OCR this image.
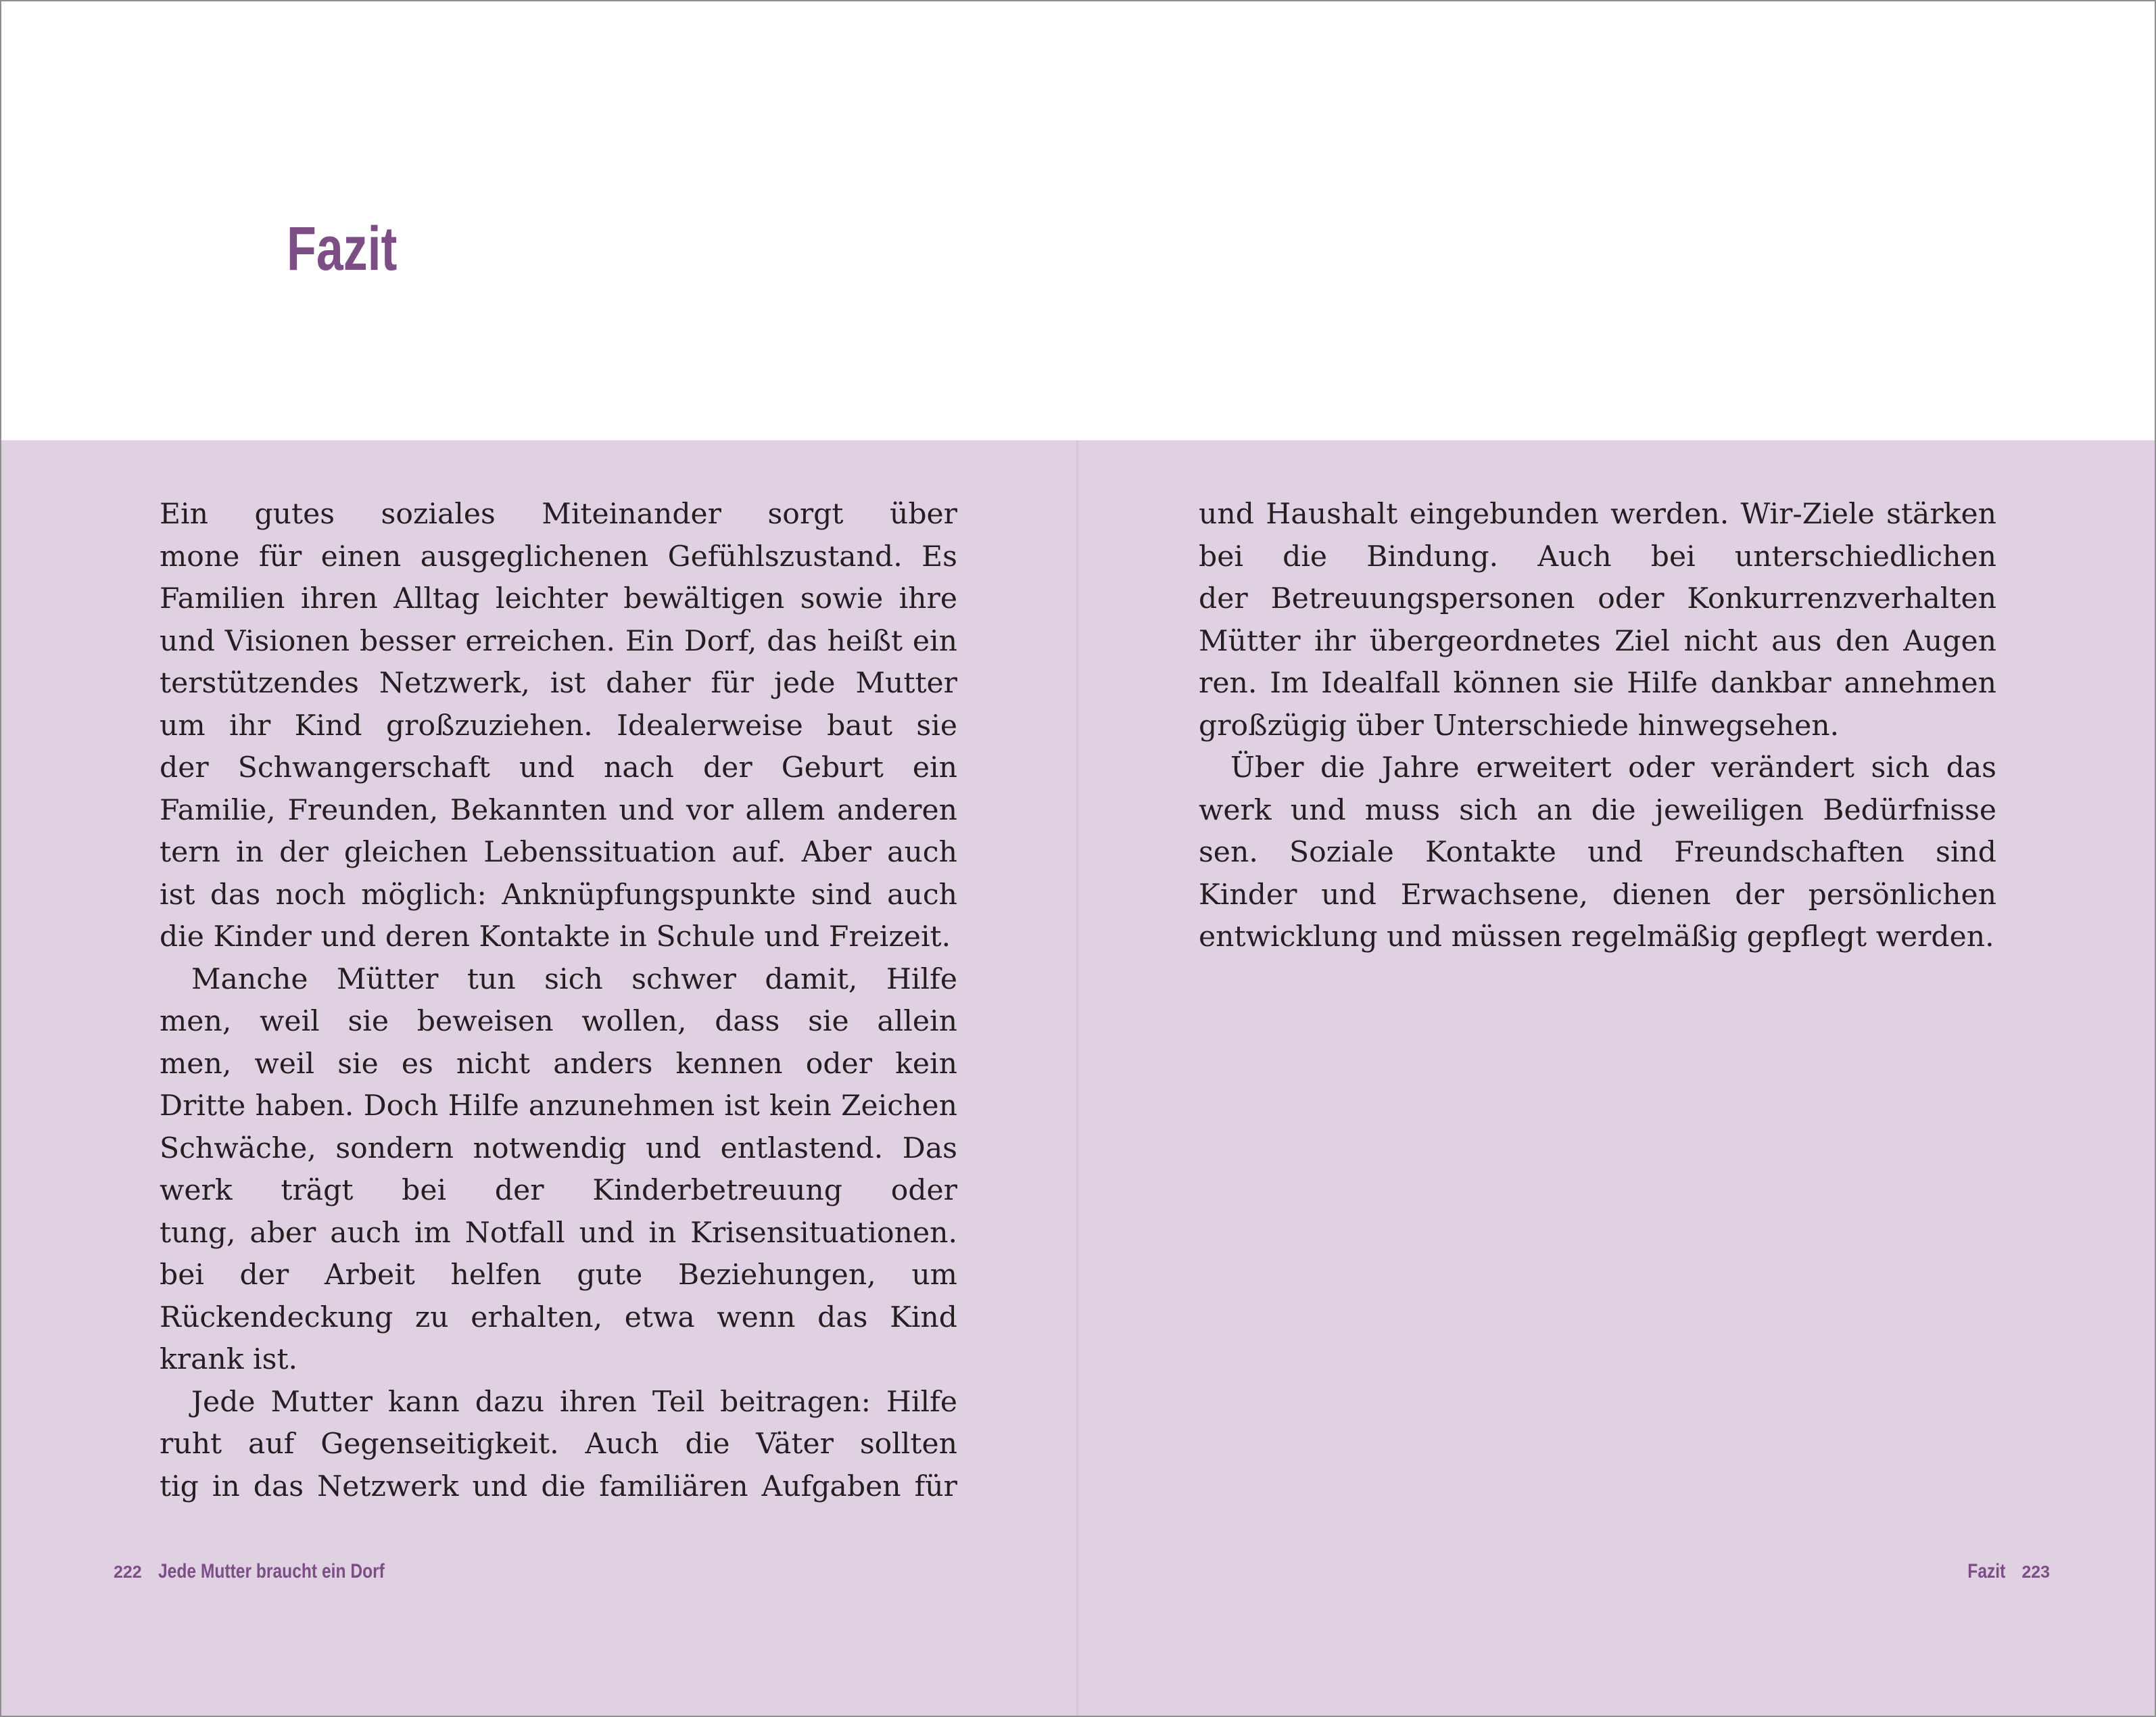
Fazit
Ein gutes soziales Miteinander sorgt über
mone für einen ausgeglichenen Gefühlszustand. Es
Familien ihren Alltag leichter bewältigen sowie ihre
und Visionen besser erreichen. Ein Dorf, das heißt ein
terstützendes Netzwerk, ist daher für jede Mutter
um ihr Kind großzuziehen. Idealerweise baut sie
der Schwangerschaft und nach der Geburt ein
Familie, Freunden, Bekannten und vor allem anderen
tern in der gleichen Lebenssituation auf. Aber auch
ist das noch möglich: Anknüpfungspunkte sind auch
die Kinder und deren Kontakte in Schule und Freizeit.
Manche Mütter tun sich schwer damit, Hilfe
men, weil sie beweisen wollen, dass sie allein
men, weil sie es nicht anders kennen oder kein
Dritte haben. Doch Hilfe anzunehmen ist kein Zeichen
Schwäche, sondern notwendig und entlastend. Das
werk trägt bei der Kinderbetreuung oder
tung, aber auch im Notfall und in Krisensituationen.
bei der Arbeit helfen gute Beziehungen, um
Rückendeckung zu erhalten, etwa wenn das Kind
krank ist.
Jede Mutter kann dazu ihren Teil beitragen: Hilfe
ruht auf Gegenseitigkeit. Auch die Väter sollten
tig in das Netzwerk und die familiären Aufgaben für
und Haushalt eingebunden werden. Wir-Ziele stärken
bei die Bindung. Auch bei unterschiedlichen
der Betreuungspersonen oder Konkurrenzverhalten
Mütter ihr übergeordnetes Ziel nicht aus den Augen
ren. Im Idealfall können sie Hilfe dankbar annehmen
großzügig über Unterschiede hinwegsehen.
Über die Jahre erweitert oder verändert sich das
werk und muss sich an die jeweiligen Bedürfnisse
sen. Soziale Kontakte und Freundschaften sind
Kinder und Erwachsene, dienen der persönlichen
entwicklung und müssen regelmäßig gepflegt werden.
222 Jede Mutter braucht ein Dorf	Fazit 223
